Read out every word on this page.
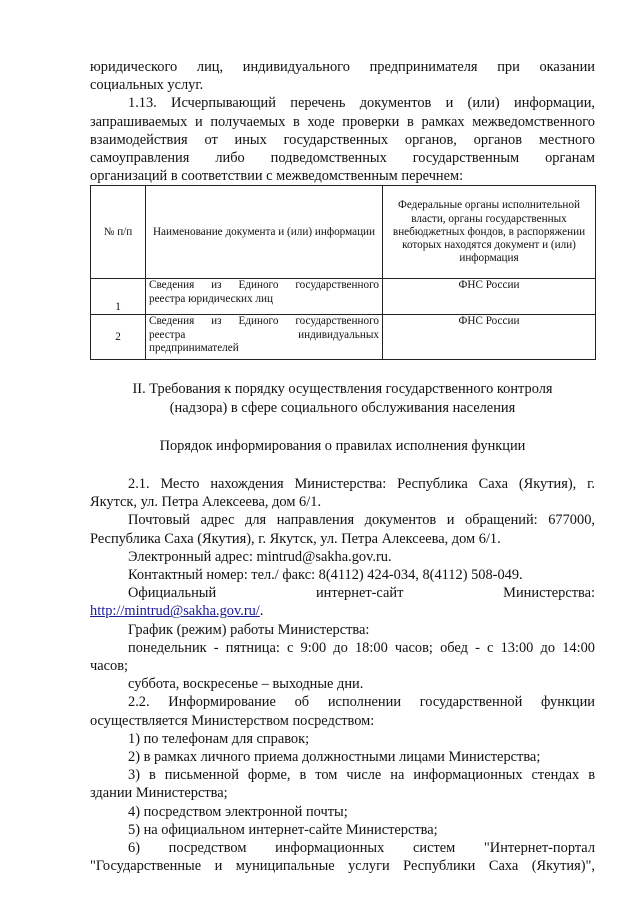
юридического лиц, индивидуального предпринимателя при оказании

социальных услуг.

1.13. Исчерпывающий перечень документов и (или) информации,

запрашиваемых и получаемых в ходе проверки в рамках межведомственного

взаимодействия от иных государственных органов, органов местного

самоуправления либо подведомственных государственным органам

организаций в соответствии с межведомственным перечнем:

№ п/п	Наименование документа и (или) информации	Федеральные органы исполнительной власти, органы государственных внебюджетных фондов, в распоряжении которых находятся документ и (или) информация
1	Сведения из Единого государственного
реестра юридических лиц	ФНС России
2	Сведения из Единого государственного
реестра индивидуальных
предпринимателей	ФНС России

II. Требования к порядку осуществления государственного контроля

(надзора) в сфере социального обслуживания населения

Порядок информирования о правилах исполнения функции

2.1. Место нахождения Министерства: Республика Саха (Якутия), г.

Якутск, ул. Петра Алексеева, дом 6/1.

Почтовый адрес для направления документов и обращений: 677000,

Республика Саха (Якутия), г. Якутск, ул. Петра Алексеева, дом 6/1.

Электронный адрес: mintrud@sakha.gov.ru.

Контактный номер: тел./ факс: 8(4112) 424-034, 8(4112) 508-049.

Официальный	интернет-сайт	Министерства:

http://mintrud@sakha.gov.ru/.

График (режим) работы Министерства:

понедельник - пятница: с 9:00 до 18:00 часов; обед - с 13:00 до 14:00

часов;

суббота, воскресенье – выходные дни.

2.2. Информирование об исполнении государственной функции

осуществляется Министерством посредством:

1) по телефонам для справок;

2) в рамках личного приема должностными лицами Министерства;

3) в письменной форме, в том числе на информационных стендах в

здании Министерства;

4) посредством электронной почты;

5) на официальном интернет-сайте Министерства;

6) посредством информационных систем "Интернет-портал

"Государственные и муниципальные услуги Республики Саха (Якутия)",
